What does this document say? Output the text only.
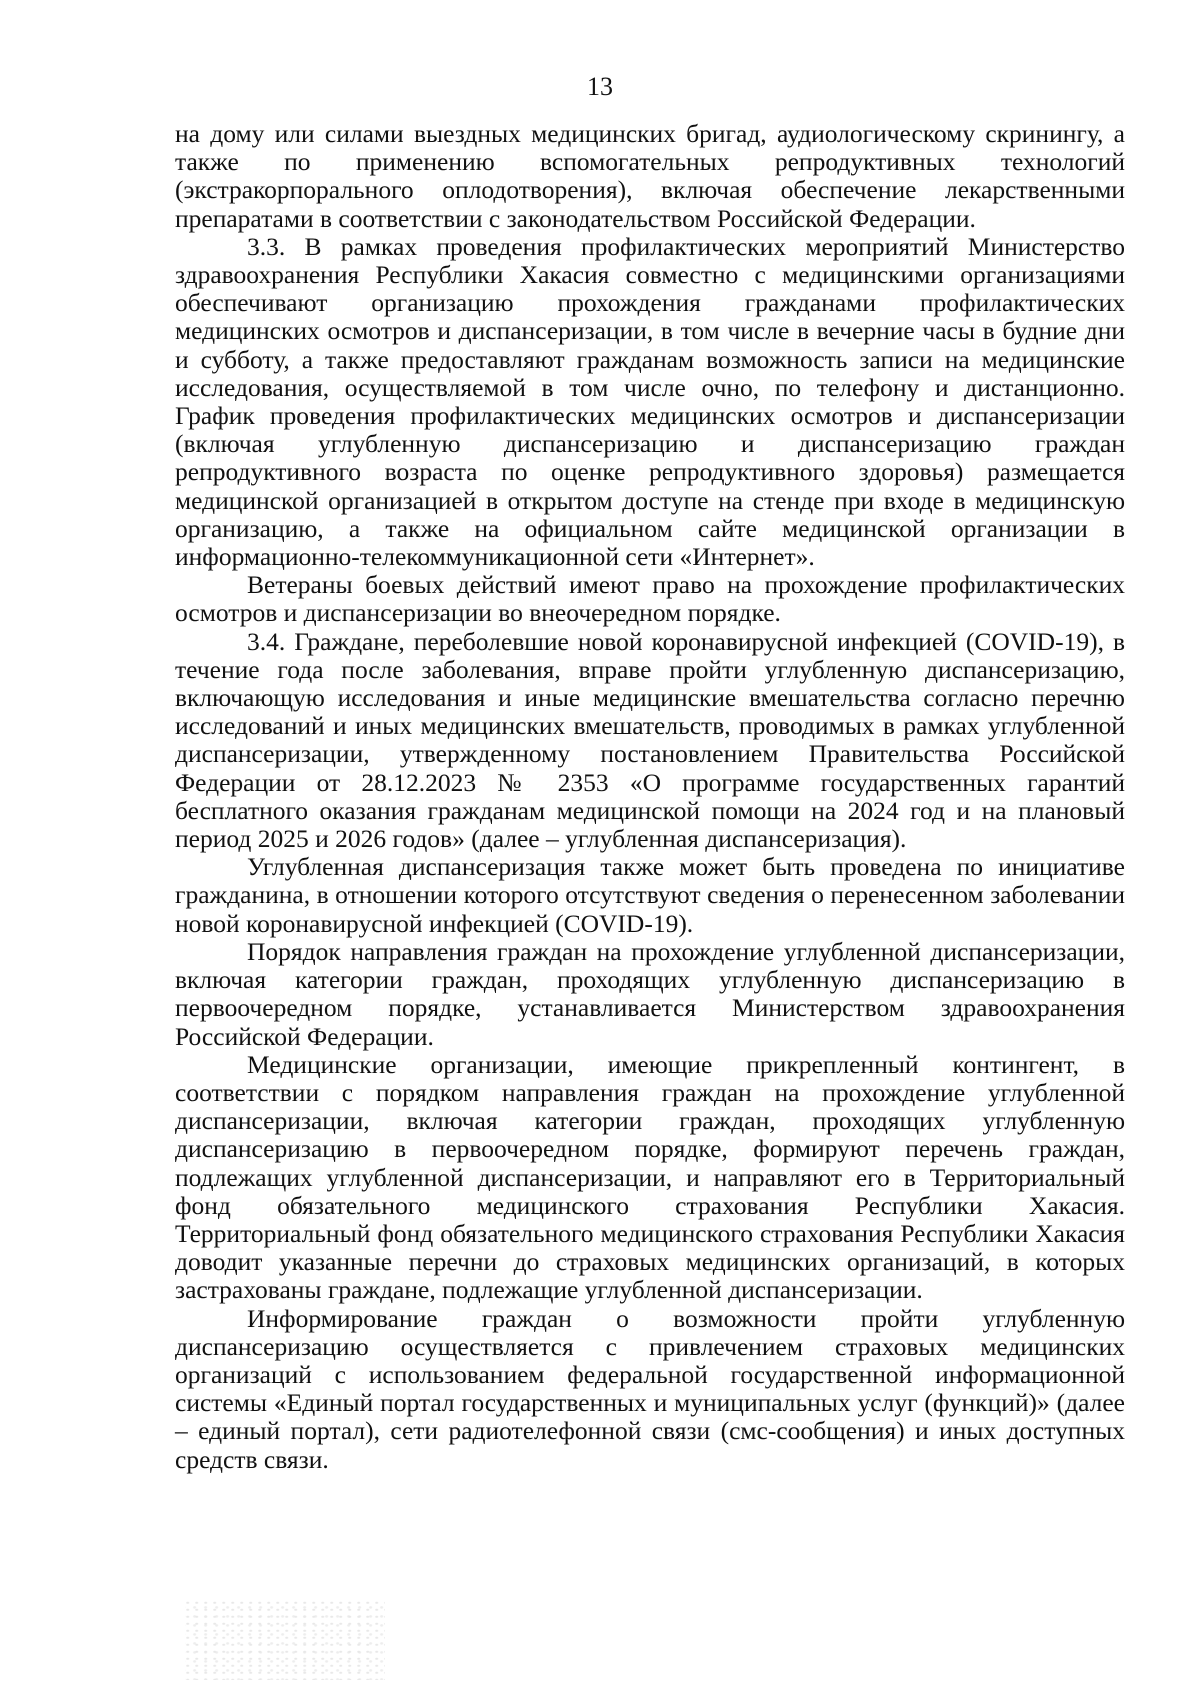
13

на дому или силами выездных медицинских бригад, аудиологическому скринингу, а также по применению вспомогательных репродуктивных технологий (экстракорпорального оплодотворения), включая обеспечение лекарственными препаратами в соответствии с законодательством Российской Федерации.

3.3. В рамках проведения профилактических мероприятий Министерство здравоохранения Республики Хакасия совместно с медицинскими организациями обеспечивают организацию прохождения гражданами профилактических медицинских осмотров и диспансеризации, в том числе в вечерние часы в будние дни и субботу, а также предоставляют гражданам возможность записи на медицинские исследования, осуществляемой в том числе очно, по телефону и дистанционно. График проведения профилактических медицинских осмотров и диспансеризации (включая углубленную диспансеризацию и диспансеризацию граждан репродуктивного возраста по оценке репродуктивного здоровья) размещается медицинской организацией в открытом доступе на стенде при входе в медицинскую организацию, а также на официальном сайте медицинской организации в информационно-телекоммуникационной сети «Интернет».

Ветераны боевых действий имеют право на прохождение профилактических осмотров и диспансеризации во внеочередном порядке.

3.4. Граждане, переболевшие новой коронавирусной инфекцией (COVID-19), в течение года после заболевания, вправе пройти углубленную диспансеризацию, включающую исследования и иные медицинские вмешательства согласно перечню исследований и иных медицинских вмешательств, проводимых в рамках углубленной диспансеризации, утвержденному постановлением Правительства Российской Федерации от 28.12.2023 № 2353 «О программе государственных гарантий бесплатного оказания гражданам медицинской помощи на 2024 год и на плановый период 2025 и 2026 годов» (далее – углубленная диспансеризация).

Углубленная диспансеризация также может быть проведена по инициативе гражданина, в отношении которого отсутствуют сведения о перенесенном заболевании новой коронавирусной инфекцией (COVID-19).

Порядок направления граждан на прохождение углубленной диспансеризации, включая категории граждан, проходящих углубленную диспансеризацию в первоочередном порядке, устанавливается Министерством здравоохранения Российской Федерации.

Медицинские организации, имеющие прикрепленный контингент, в соответствии с порядком направления граждан на прохождение углубленной диспансеризации, включая категории граждан, проходящих углубленную диспансеризацию в первоочередном порядке, формируют перечень граждан, подлежащих углубленной диспансеризации, и направляют его в Территориальный фонд обязательного медицинского страхования Республики Хакасия. Территориальный фонд обязательного медицинского страхования Республики Хакасия доводит указанные перечни до страховых медицинских организаций, в которых застрахованы граждане, подлежащие углубленной диспансеризации.

Информирование граждан о возможности пройти углубленную диспансеризацию осуществляется с привлечением страховых медицинских организаций с использованием федеральной государственной информационной системы «Единый портал государственных и муниципальных услуг (функций)» (далее – единый портал), сети радиотелефонной связи (смс-сообщения) и иных доступных средств связи.
